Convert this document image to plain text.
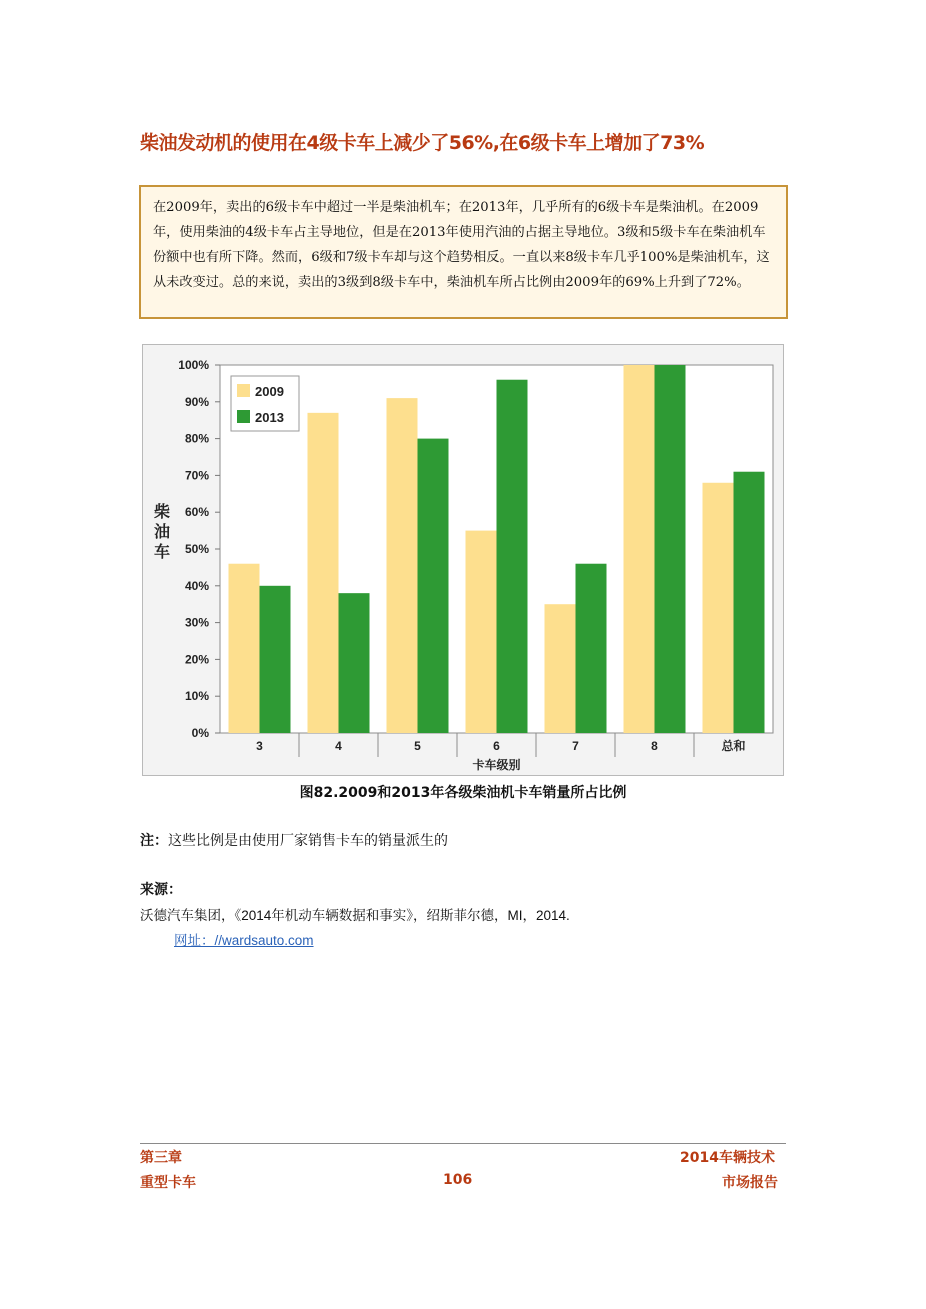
柴油发动机的使用在4级卡车上减少了56%,在6级卡车上增加了73%
在2009年，卖出的6级卡车中超过一半是柴油机车；在2013年，几乎所有的6级卡车是柴油机。在2009年，使用柴油的4级卡车占主导地位，但是在2013年使用汽油的占据主导地位。3级和5级卡车在柴油机车份额中也有所下降。然而，6级和7级卡车却与这个趋势相反。一直以来8级卡车几乎100%是柴油机车，这从未改变过。总的来说，卖出的3级到8级卡车中，柴油机车所占比例由2009年的69%上升到了72%。
0%
10%
20%
30%
40%
50%
60%
70%
80%
90%
100%
3	4	5	6	7	8	总和
卡车级别
柴
油
车
2009
2013
图82.2009和2013年各级柴油机卡车销量所占比例
注：这些比例是由使用厂家销售卡车的销量派生的
来源：
沃德汽车集团，《2014年机动车辆数据和事实》，绍斯菲尔德，MI，2014.
网址：//wardsauto.com
第三章
重型卡车	106
2014车辆技术
市场报告
